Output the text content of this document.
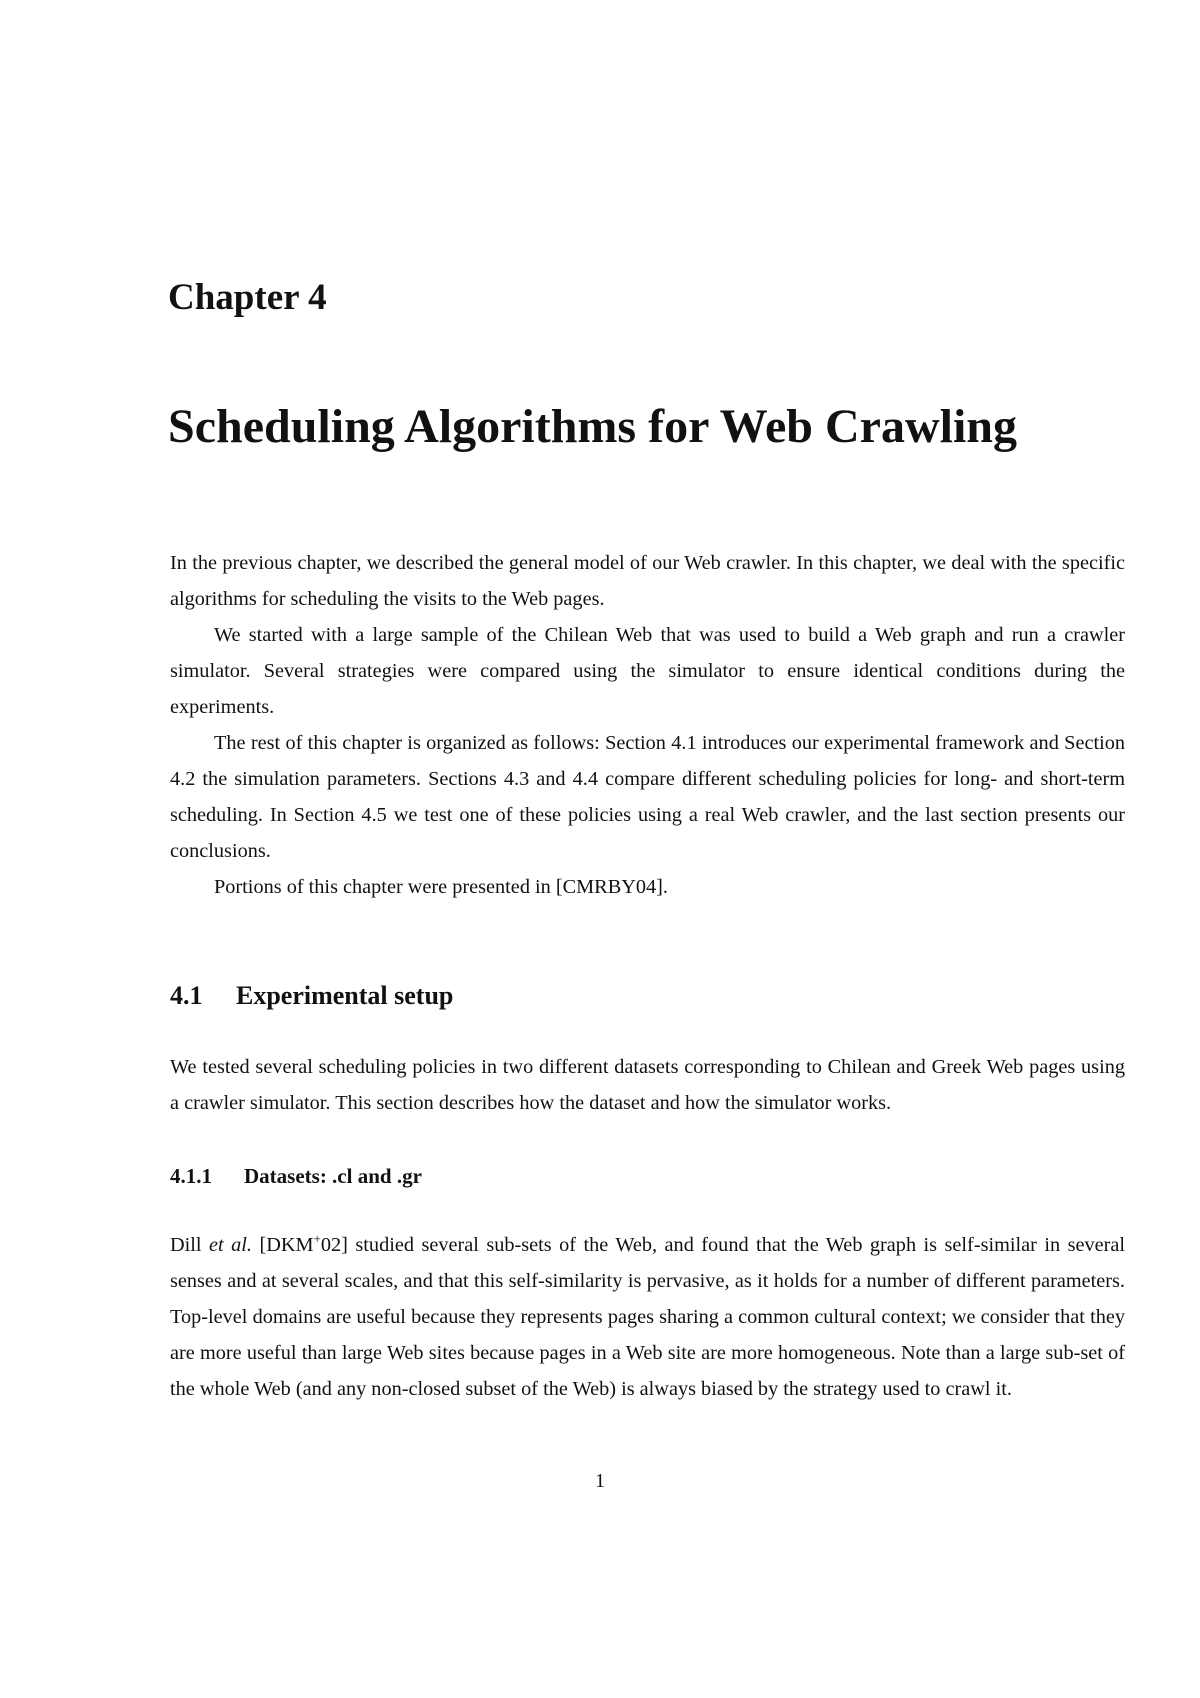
Chapter 4
Scheduling Algorithms for Web Crawling

In the previous chapter, we described the general model of our Web crawler. In this chapter, we deal with the specific algorithms for scheduling the visits to the Web pages.

We started with a large sample of the Chilean Web that was used to build a Web graph and run a crawler simulator. Several strategies were compared using the simulator to ensure identical conditions during the experiments.

The rest of this chapter is organized as follows: Section 4.1 introduces our experimental framework and Section 4.2 the simulation parameters. Sections 4.3 and 4.4 compare different scheduling policies for long- and short-term scheduling. In Section 4.5 we test one of these policies using a real Web crawler, and the last section presents our conclusions.

Portions of this chapter were presented in [CMRBY04].

4.1 Experimental setup

We tested several scheduling policies in two different datasets corresponding to Chilean and Greek Web pages using a crawler simulator. This section describes how the dataset and how the simulator works.

4.1.1 Datasets: .cl and .gr

Dill et al. [DKM+02] studied several sub-sets of the Web, and found that the Web graph is self-similar in several senses and at several scales, and that this self-similarity is pervasive, as it holds for a number of different parameters. Top-level domains are useful because they represents pages sharing a common cultural context; we consider that they are more useful than large Web sites because pages in a Web site are more homogeneous. Note than a large sub-set of the whole Web (and any non-closed subset of the Web) is always biased by the strategy used to crawl it.

1
